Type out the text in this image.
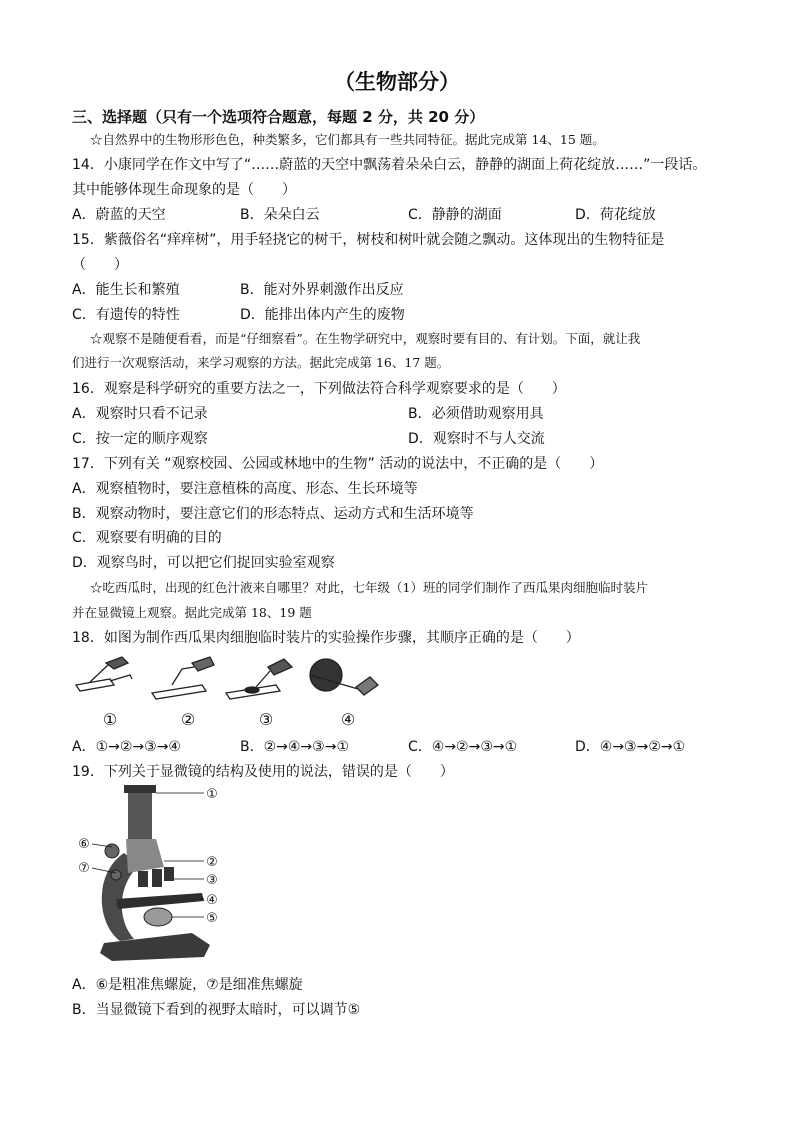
（生物部分）
三、选择题（只有一个选项符合题意，每题 2 分，共 20 分）
☆自然界中的生物形形色色，种类繁多，它们都具有一些共同特征。据此完成第 14、15 题。
14．小康同学在作文中写了“……蔚蓝的天空中飘荡着朵朵白云，静静的湖面上荷花绽放……”一段话。
其中能够体现生命现象的是（　　）
A．蔚蓝的天空	B．朵朵白云	C．静静的湖面	D．荷花绽放
15．紫薇俗名“痒痒树”，用手轻挠它的树干，树枝和树叶就会随之飘动。这体现出的生物特征是
（　　）
A．能生长和繁殖	B．能对外界刺激作出反应
C．有遗传的特性	D．能排出体内产生的废物
☆观察不是随便看看，而是“仔细察看”。在生物学研究中，观察时要有目的、有计划。下面，就让我
们进行一次观察活动，来学习观察的方法。据此完成第 16、17 题。
16．观察是科学研究的重要方法之一，下列做法符合科学观察要求的是（　　）
A．观察时只看不记录	B．必须借助观察用具
C．按一定的顺序观察	D．观察时不与人交流
17．下列有关 “观察校园、公园或林地中的生物” 活动的说法中，不正确的是（　　）
A．观察植物时，要注意植株的高度、形态、生长环境等
B．观察动物时，要注意它们的形态特点、运动方式和生活环境等
C．观察要有明确的目的
D．观察鸟时，可以把它们捉回实验室观察
☆吃西瓜时，出现的红色汁液来自哪里？对此，七年级（1）班的同学们制作了西瓜果肉细胞临时装片
并在显微镜上观察。据此完成第 18、19 题
18．如图为制作西瓜果肉细胞临时装片的实验操作步骤，其顺序正确的是（　　）
①	②	③	④
A．①→②→③→④	B．②→④→③→①	C．④→②→③→①	D．④→③→②→①
19．下列关于显微镜的结构及使用的说法，错误的是（　　）
①
②
③
④
⑤
⑥
⑦
A．⑥是粗准焦螺旋，⑦是细准焦螺旋
B．当显微镜下看到的视野太暗时，可以调节⑤
